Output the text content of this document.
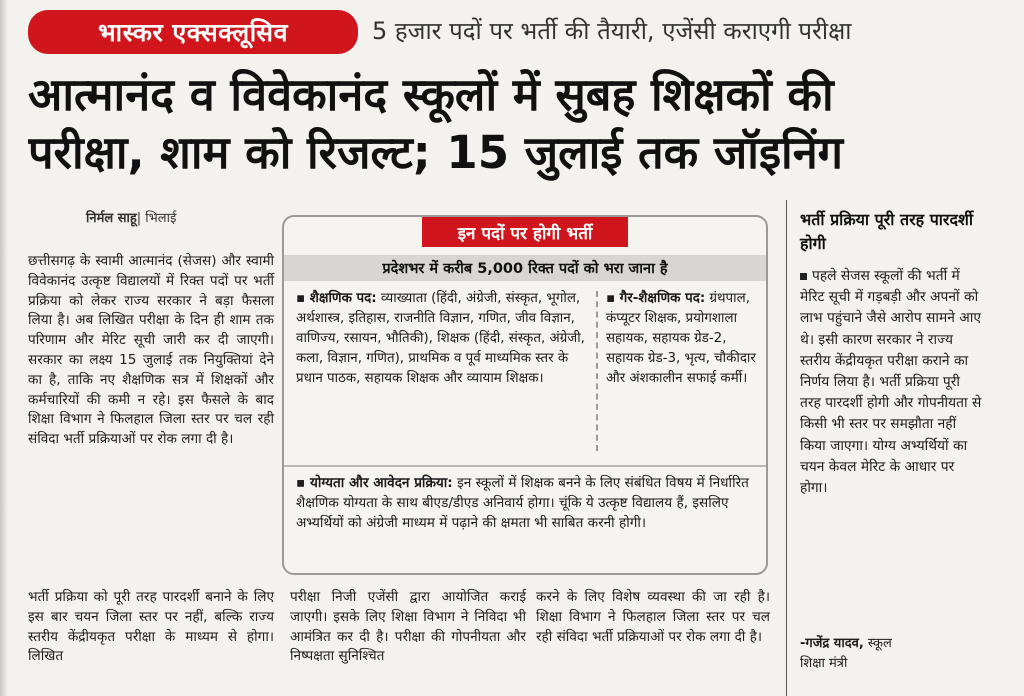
भास्कर एक्सक्लूसिव	5 हजार पदों पर भर्ती की तैयारी, एजेंसी कराएगी परीक्षा
आत्मानंद व विवेकानंद स्कूलों में सुबह शिक्षकों की
परीक्षा, शाम को रिजल्ट; 15 जुलाई तक जॉइनिंग
निर्मल साहू| भिलाई
छत्तीसगढ़ के स्वामी आत्मानंद (सेजस) और स्वामी विवेकानंद उत्कृष्ट विद्यालयों में रिक्त पदों पर भर्ती प्रक्रिया को लेकर राज्य सरकार ने बड़ा फैसला लिया है। अब लिखित परीक्षा के दिन ही शाम तक परिणाम और मेरिट सूची जारी कर दी जाएगी। सरकार का लक्ष्य 15 जुलाई तक नियुक्तियां देने का है, ताकि नए शैक्षणिक सत्र में शिक्षकों और कर्मचारियों की कमी न रहे। इस फैसले के बाद शिक्षा विभाग ने फिलहाल जिला स्तर पर चल रही संविदा भर्ती प्रक्रियाओं पर रोक लगा दी है।
भर्ती प्रक्रिया को पूरी तरह पारदर्शी बनाने के लिए इस बार चयन जिला स्तर पर नहीं, बल्कि राज्य स्तरीय केंद्रीयकृत परीक्षा के माध्यम से होगा। लिखित
परीक्षा निजी एजेंसी द्वारा आयोजित कराई जाएगी। इसके लिए शिक्षा विभाग ने निविदा भी आमंत्रित कर दी है। परीक्षा की गोपनीयता और निष्पक्षता सुनिश्चित
करने के लिए विशेष व्यवस्था की जा रही है। शिक्षा विभाग ने फिलहाल जिला स्तर पर चल रही संविदा भर्ती प्रक्रियाओं पर रोक लगा दी है।
इन पदों पर होगी भर्ती
प्रदेशभर में करीब 5,000 रिक्त पदों को भरा जाना है
▪ शैक्षणिक पद: व्याख्याता (हिंदी, अंग्रेजी, संस्कृत, भूगोल, अर्थशास्त्र, इतिहास, राजनीति विज्ञान, गणित, जीव विज्ञान, वाणिज्य, रसायन, भौतिकी), शिक्षक (हिंदी, संस्कृत, अंग्रेजी, कला, विज्ञान, गणित), प्राथमिक व पूर्व माध्यमिक स्तर के प्रधान पाठक, सहायक शिक्षक और व्यायाम शिक्षक।
▪ गैर-शैक्षणिक पद: ग्रंथपाल, कंप्यूटर शिक्षक, प्रयोगशाला सहायक, सहायक ग्रेड-2, सहायक ग्रेड-3, भृत्य, चौकीदार और अंशकालीन सफाई कर्मी।
▪ योग्यता और आवेदन प्रक्रिया: इन स्कूलों में शिक्षक बनने के लिए संबंधित विषय में निर्धारित शैक्षणिक योग्यता के साथ बीएड/डीएड अनिवार्य होगा। चूंकि ये उत्कृष्ट विद्यालय हैं, इसलिए अभ्यर्थियों को अंग्रेजी माध्यम में पढ़ाने की क्षमता भी साबित करनी होगी।
भर्ती प्रक्रिया पूरी तरह पारदर्शी होगी
पहले सेजस स्कूलों की भर्ती में मेरिट सूची में गड़बड़ी और अपनों को लाभ पहुंचाने जैसे आरोप सामने आए थे। इसी कारण सरकार ने राज्य स्तरीय केंद्रीयकृत परीक्षा कराने का निर्णय लिया है। भर्ती प्रक्रिया पूरी तरह पारदर्शी होगी और गोपनीयता से किसी भी स्तर पर समझौता नहीं किया जाएगा। योग्य अभ्यर्थियों का चयन केवल मेरिट के आधार पर होगा।
-गजेंद्र यादव, स्कूल
शिक्षा मंत्री
